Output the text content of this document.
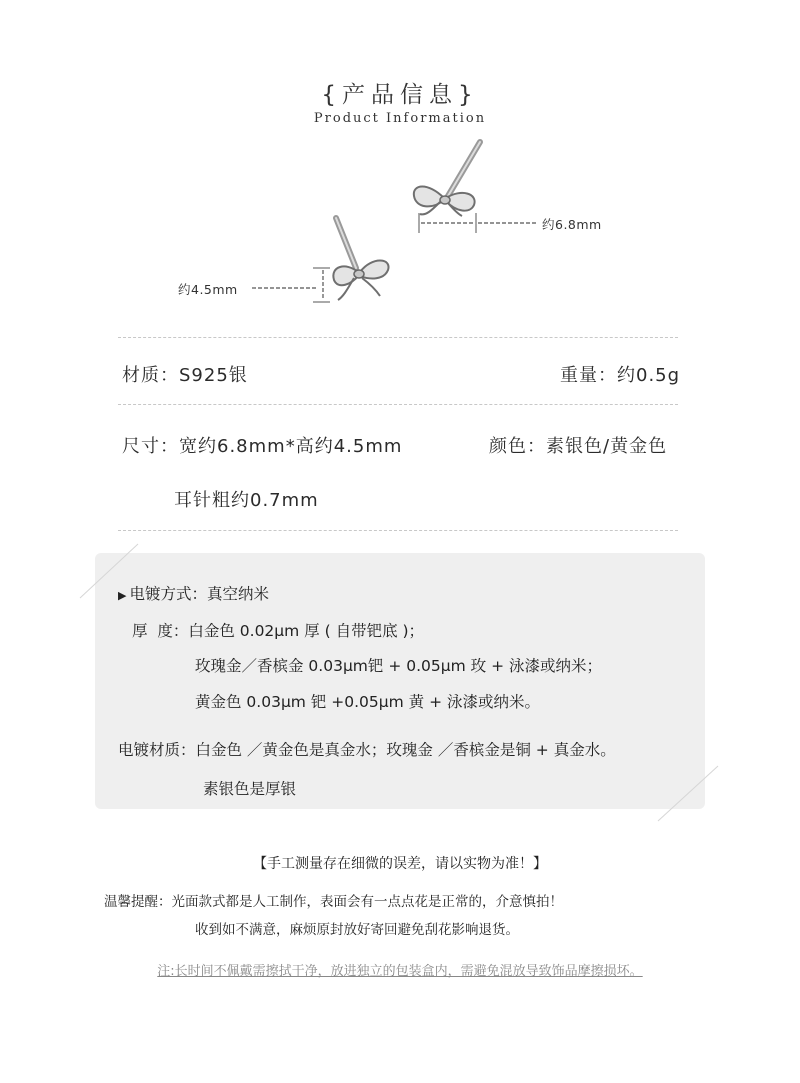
{产品信息}
Product Information
约6.8mm
约4.5mm
材质：S925银	重量：约0.5g
尺寸：宽约6.8mm*高约4.5mm	颜色：素银色/黄金色
耳针粗约0.7mm
▶ 电镀方式：真空纳米
厚  度：白金色 0.02μm 厚 ( 自带钯底 )；
玫瑰金／香槟金 0.03μm钯 + 0.05μm 玫 + 泳漆或纳米；
黄金色 0.03μm 钯 +0.05μm 黄 + 泳漆或纳米。
电镀材质：白金色 ／黄金色是真金水；玫瑰金 ／香槟金是铜 + 真金水。
素银色是厚银
【手工测量存在细微的误差，请以实物为准！】
温馨提醒：光面款式都是人工制作，表面会有一点点花是正常的，介意慎拍！
收到如不满意，麻烦原封放好寄回避免刮花影响退货。
注:长时间不佩戴需擦拭干净，放进独立的包装盒内，需避免混放导致饰品摩擦损坏。
